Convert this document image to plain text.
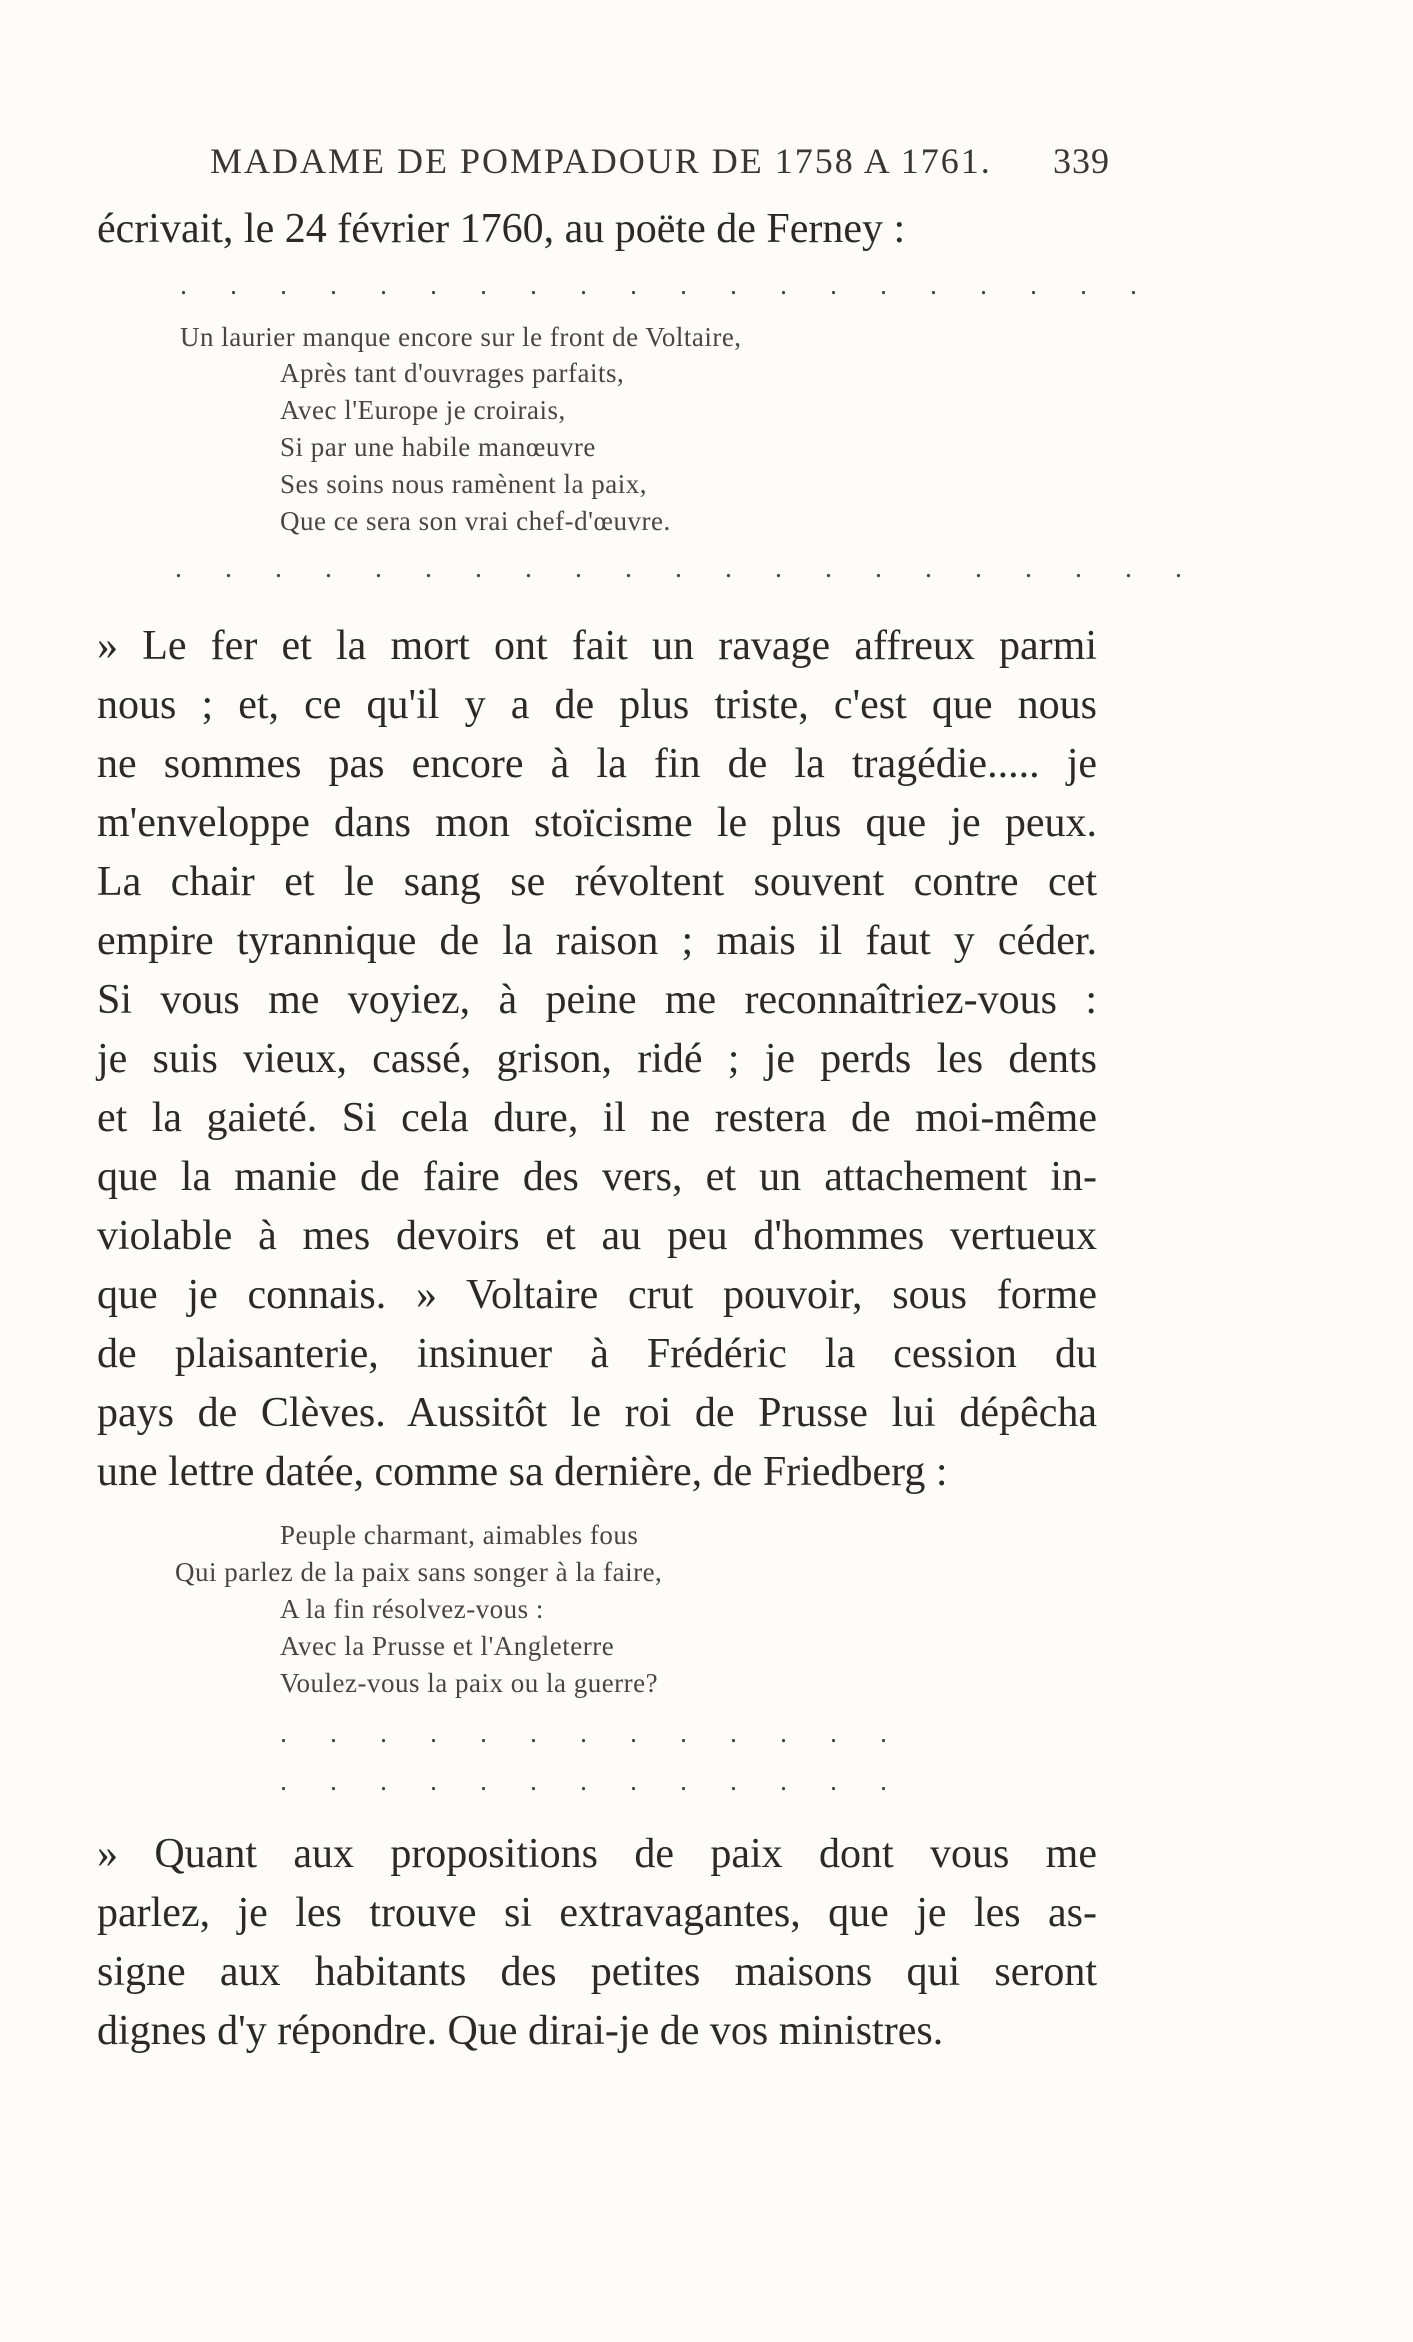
MADAME DE POMPADOUR DE 1758 A 1761. 339
écrivait, le 24 février 1760, au poëte de Ferney :
. . . . . . . . . . . . . . . . . . . .
Un laurier manque encore sur le front de Voltaire,
Après tant d'ouvrages parfaits,
Avec l'Europe je croirais,
Si par une habile manœuvre
Ses soins nous ramènent la paix,
Que ce sera son vrai chef-d'œuvre.
. . . . . . . . . . . . . . . . . . . . .
» Le fer et la mort ont fait un ravage affreux parmi
nous ; et, ce qu'il y a de plus triste, c'est que nous
ne sommes pas encore à la fin de la tragédie..... je
m'enveloppe dans mon stoïcisme le plus que je peux.
La chair et le sang se révoltent souvent contre cet
empire tyrannique de la raison ; mais il faut y céder.
Si vous me voyiez, à peine me reconnaîtriez-vous :
je suis vieux, cassé, grison, ridé ; je perds les dents
et la gaieté. Si cela dure, il ne restera de moi-même
que la manie de faire des vers, et un attachement in-
violable à mes devoirs et au peu d'hommes vertueux
que je connais. » Voltaire crut pouvoir, sous forme
de plaisanterie, insinuer à Frédéric la cession du
pays de Clèves. Aussitôt le roi de Prusse lui dépêcha
une lettre datée, comme sa dernière, de Friedberg :
Peuple charmant, aimables fous
Qui parlez de la paix sans songer à la faire,
A la fin résolvez-vous :
Avec la Prusse et l'Angleterre
Voulez-vous la paix ou la guerre?
. . . . . . . . . . . . .
. . . . . . . . . . . . .
» Quant aux propositions de paix dont vous me
parlez, je les trouve si extravagantes, que je les as-
signe aux habitants des petites maisons qui seront
dignes d'y répondre. Que dirai-je de vos ministres.
